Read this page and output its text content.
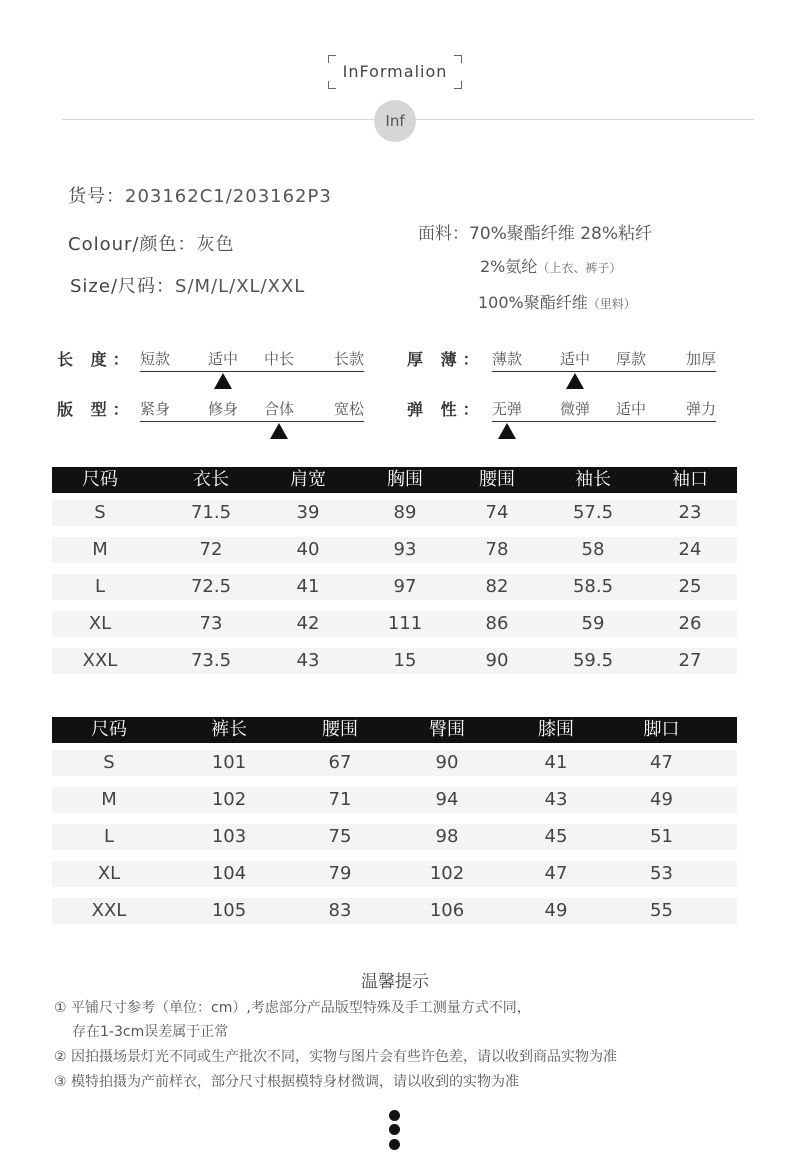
InFormalion
Inf
货号：203162C1/203162P3
Colour/颜色：灰色
Size/尺码：S/M/L/XL/XXL
面料：70%聚酯纤维 28%粘纤
2%氨纶（上衣、裤子）
100%聚酯纤维（里料）
长 度： 短款	适中 中长	长款
版 型： 紧身	修身 合体	宽松
厚 薄： 薄款	适中 厚款	加厚
弹 性： 无弹	微弹 适中	弹力
尺码	衣长	肩宽	胸围	腰围	袖长	袖口
S	71.5	39	89	74	57.5	23
M	72	40	93	78	58	24
L	72.5	41	97	82	58.5	25
XL	73	42	111	86	59	26
XXL	73.5	43	15	90	59.5	27
尺码	裤长	腰围	臀围	膝围	脚口
S	101	67	90	41	47
M	102	71	94	43	49
L	103	75	98	45	51
XL	104	79	102	47	53
XXL	105	83	106	49	55
温馨提示
① 平铺尺寸参考（单位：cm）,考虑部分产品版型特殊及手工测量方式不同，
存在1-3cm误差属于正常
② 因拍摄场景灯光不同或生产批次不同，实物与图片会有些许色差，请以收到商品实物为准
③ 模特拍摄为产前样衣，部分尺寸根据模特身材微调，请以收到的实物为准
